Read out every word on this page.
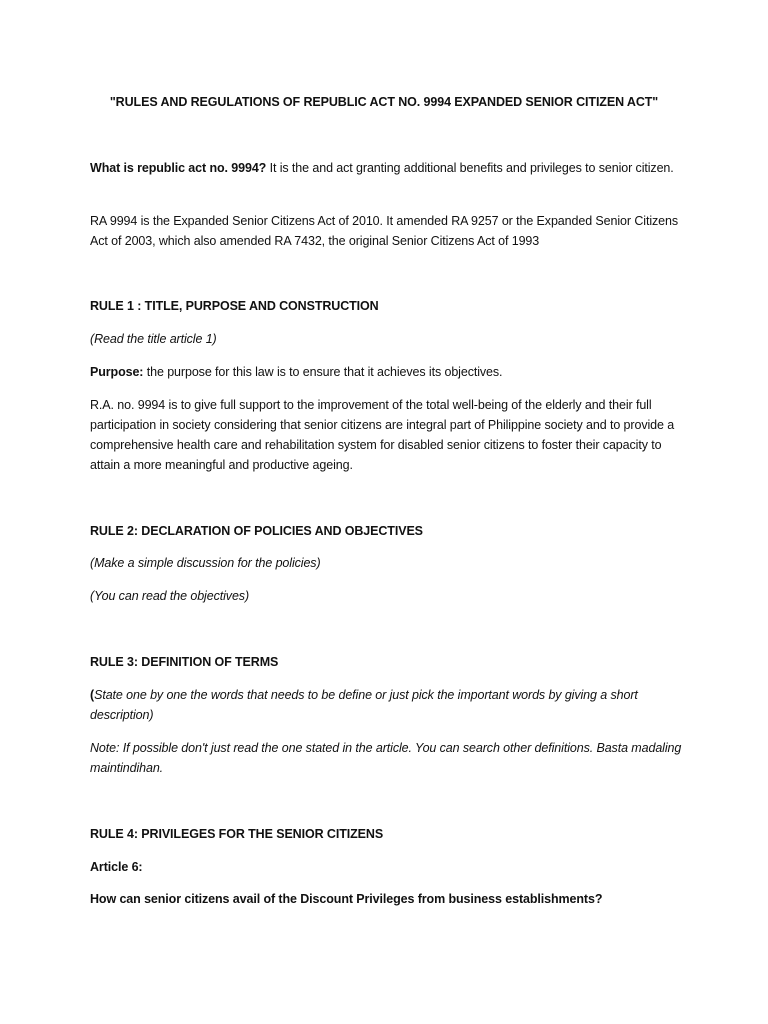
"RULES AND REGULATIONS OF REPUBLIC ACT NO. 9994 EXPANDED SENIOR CITIZEN ACT"

What is republic act no. 9994? It is the and act granting additional benefits and privileges to senior citizen.

RA 9994 is the Expanded Senior Citizens Act of 2010. It amended RA 9257 or the Expanded Senior Citizens Act of 2003, which also amended RA 7432, the original Senior Citizens Act of 1993

RULE 1 : TITLE, PURPOSE AND CONSTRUCTION

(Read the title article 1)

Purpose: the purpose for this law is to ensure that it achieves its objectives.

R.A. no. 9994 is to give full support to the improvement of the total well-being of the elderly and their full participation in society considering that senior citizens are integral part of Philippine society and to provide a comprehensive health care and rehabilitation system for disabled senior citizens to foster their capacity to attain a more meaningful and productive ageing.

RULE 2: DECLARATION OF POLICIES AND OBJECTIVES

(Make a simple discussion for the policies)

(You can read the objectives)

RULE 3: DEFINITION OF TERMS

(State one by one the words that needs to be define or just pick the important words by giving a short description)

Note: If possible don't just read the one stated in the article. You can search other definitions. Basta madaling maintindihan.

RULE 4: PRIVILEGES FOR THE SENIOR CITIZENS

Article 6:

How can senior citizens avail of the Discount Privileges from business establishments?
